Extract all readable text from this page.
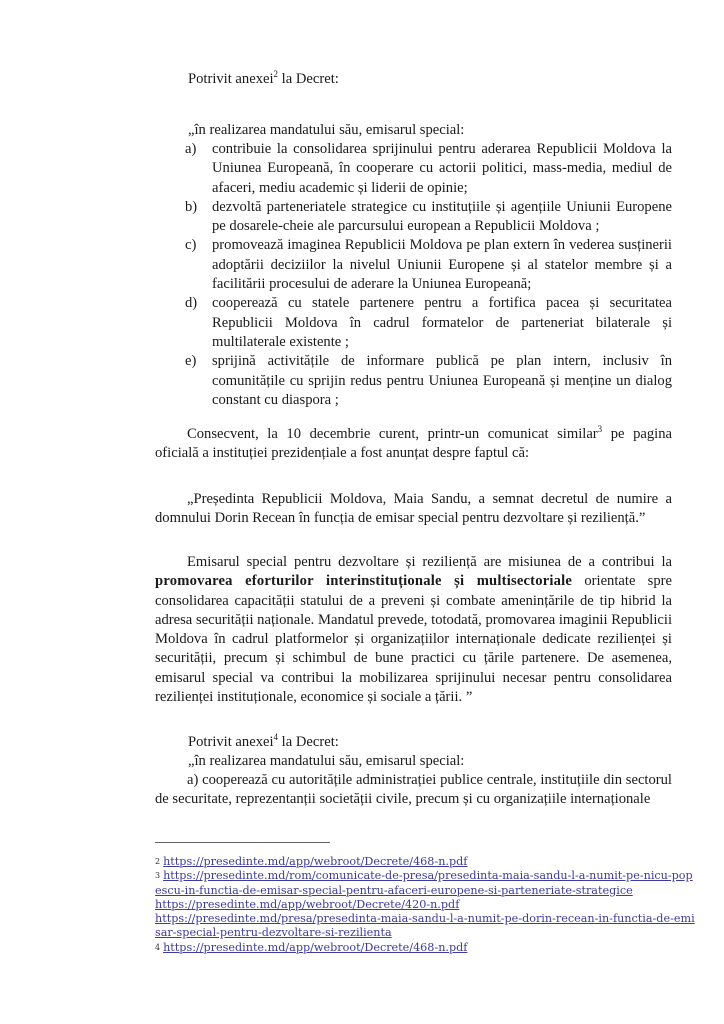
Potrivit anexei$^2$ la Decret:
„în realizarea mandatului său, emisarul special:
a) contribuie la consolidarea sprijinului pentru aderarea Republicii Moldova la Uniunea Europeană, în cooperare cu actorii politici, mass-media, mediul de afaceri, mediu academic și liderii de opinie;
b) dezvoltă parteneriatele strategice cu instituțiile și agențiile Uniunii Europene pe dosarele-cheie ale parcursului european a Republicii Moldova ;
c) promovează imaginea Republicii Moldova pe plan extern în vederea susținerii adoptării deciziilor la nivelul Uniunii Europene și al statelor membre și a facilitării procesului de aderare la Uniunea Europeană;
d) cooperează cu statele partenere pentru a fortifica pacea și securitatea Republicii Moldova în cadrul formatelor de parteneriat bilaterale și multilaterale existente ;
e) sprijină activitățile de informare publică pe plan intern, inclusiv în comunitățile cu sprijin redus pentru Uniunea Europeană și menține un dialog constant cu diaspora ;
Consecvent, la 10 decembrie curent, printr-un comunicat similar$^3$ pe pagina oficială a instituției prezidențiale a fost anunțat despre faptul că:
„Președinta Republicii Moldova, Maia Sandu, a semnat decretul de numire a domnului Dorin Recean în funcția de emisar special pentru dezvoltare și reziliență.”
Emisarul special pentru dezvoltare și reziliență are misiunea de a contribui la promovarea eforturilor interinstituționale și multisectoriale orientate spre consolidarea capacității statului de a preveni și combate amenințările de tip hibrid la adresa securității naționale. Mandatul prevede, totodată, promovarea imaginii Republicii Moldova în cadrul platformelor și organizațiilor internaționale dedicate rezilienței și securității, precum și schimbul de bune practici cu țările partenere. De asemenea, emisarul special va contribui la mobilizarea sprijinului necesar pentru consolidarea rezilienței instituționale, economice și sociale a țării. ”
Potrivit anexei$^4$ la Decret:
„în realizarea mandatului său, emisarul special:
a) cooperează cu autoritățile administrației publice centrale, instituțiile din sectorul de securitate, reprezentanții societății civile, precum și cu organizațiile internaționale
2 https://presedinte.md/app/webroot/Decrete/468-n.pdf
3 https://presedinte.md/rom/comunicate-de-presa/presedinta-maia-sandu-l-a-numit-pe-nicu-popescu-in-functia-de-emisar-special-pentru-afaceri-europene-si-parteneriate-strategice
https://presedinte.md/app/webroot/Decrete/420-n.pdf
https://presedinte.md/presa/presedinta-maia-sandu-l-a-numit-pe-dorin-recean-in-functia-de-emisar-special-pentru-dezvoltare-si-rezilienta
4 https://presedinte.md/app/webroot/Decrete/468-n.pdf
